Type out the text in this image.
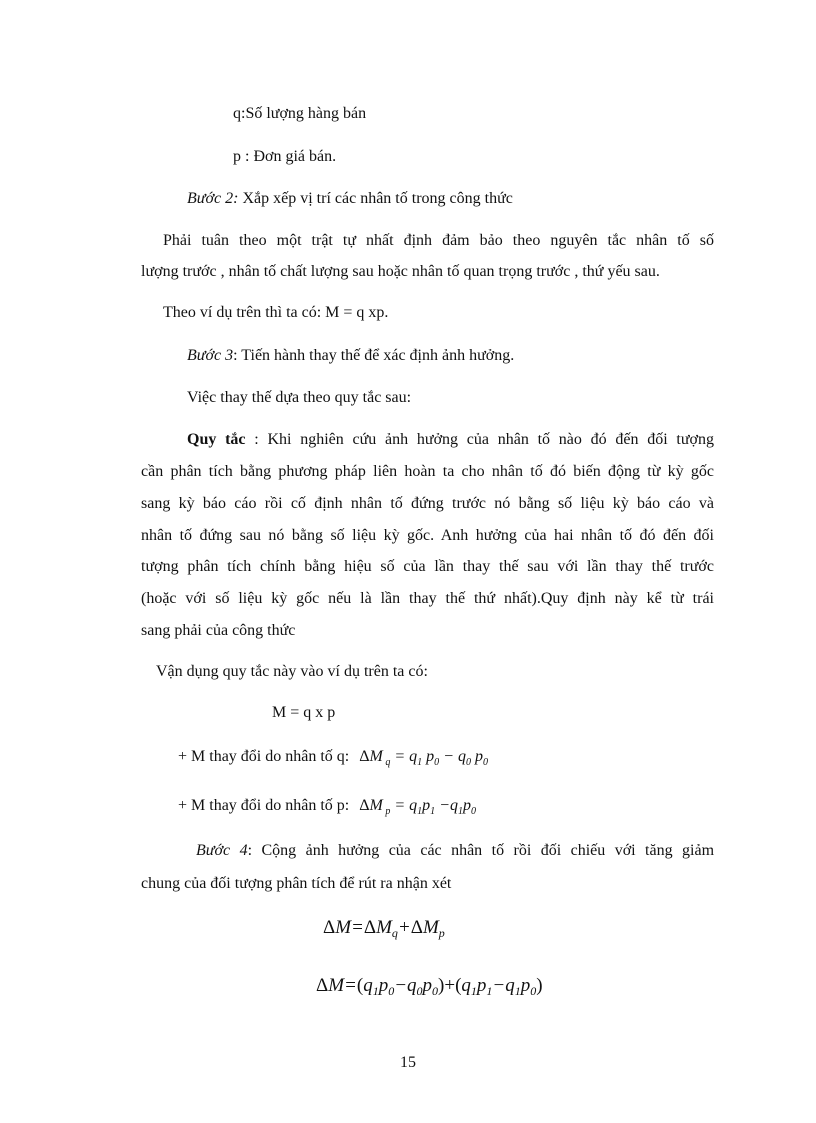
q:Số lượng hàng bán
p : Đơn giá bán.
Bước 2: Xắp xếp vị trí các nhân tố trong công thức
Phải tuân theo một trật tự nhất định đảm bảo theo nguyên tắc nhân tố số
lượng trước , nhân tố chất lượng sau hoặc nhân tố quan trọng trước , thứ yếu sau.
Theo ví dụ trên thì ta có: M = q xp.
Bước 3: Tiến hành thay thế để xác định ảnh hưởng.
Việc thay thế dựa theo quy tắc sau:
Quy tắc : Khi nghiên cứu ảnh hưởng của nhân tố nào đó đến đối tượng
cần phân tích bằng phương pháp liên hoàn ta cho nhân tố đó biến động từ kỳ gốc
sang kỳ báo cáo rồi cố định nhân tố đứng trước nó bằng số liệu kỳ báo cáo và
nhân tố đứng sau nó bằng số liệu kỳ gốc. Anh hưởng của hai nhân tố đó đến đối
tượng phân tích chính bằng hiệu số của lần thay thế sau với lần thay thế trước
(hoặc với số liệu kỳ gốc nếu là lần thay thế thứ nhất).Quy định này kể từ trái
sang phải của công thức
Vận dụng quy tắc này vào ví dụ trên ta có:
M = q x p
+ M thay đổi do nhân tố q: ΔM $_q = q_1$ $p_0 - q_0$ $p_0$
+ M thay đổi do nhân tố p: ΔM $_p = q_1p_1 -q_1p_0$
Bước 4: Cộng ảnh hưởng của các nhân tố rồi đối chiếu với tăng giảm
chung của đối tượng phân tích để rút ra nhận xét
$\Delta M=\Delta M_q+\Delta M_p$
$\Delta M=(q_1p_0-q_0p_0)+(q_1p_1-q_1p_0)$
15
